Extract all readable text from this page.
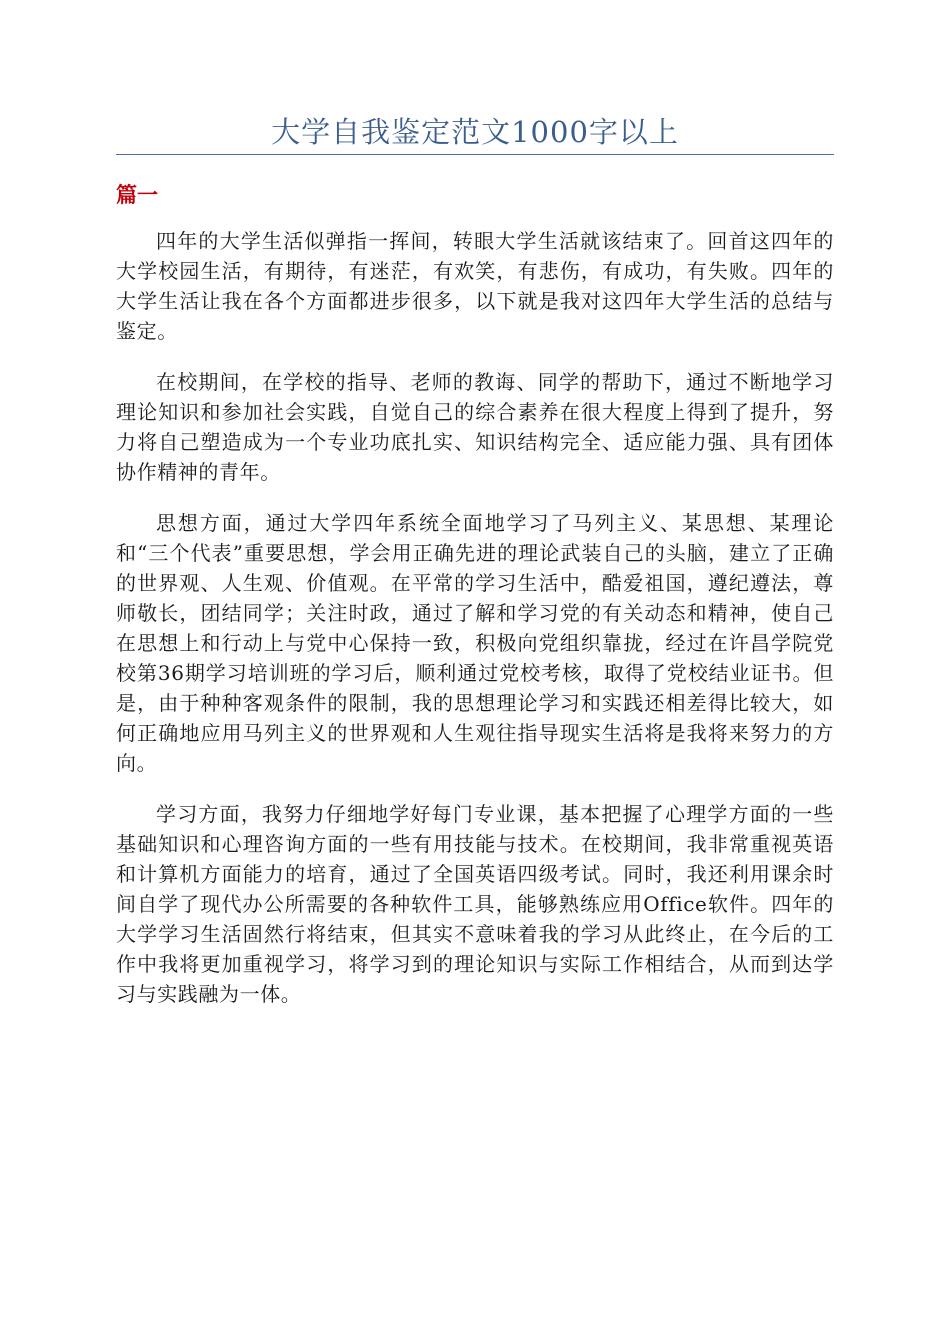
大学自我鉴定范文1000字以上
篇一

四年的大学生活似弹指一挥间，转眼大学生活就该结束了。回首这四年的大学校园生活，有期待，有迷茫，有欢笑，有悲伤，有成功，有失败。四年的大学生活让我在各个方面都进步很多，以下就是我对这四年大学生活的总结与鉴定。

在校期间，在学校的指导、老师的教诲、同学的帮助下，通过不断地学习理论知识和参加社会实践，自觉自己的综合素养在很大程度上得到了提升，努力将自己塑造成为一个专业功底扎实、知识结构完全、适应能力强、具有团体协作精神的青年。

思想方面，通过大学四年系统全面地学习了马列主义、某思想、某理论和“三个代表”重要思想，学会用正确先进的理论武装自己的头脑，建立了正确的世界观、人生观、价值观。在平常的学习生活中，酷爱祖国，遵纪遵法，尊师敬长，团结同学；关注时政，通过了解和学习党的有关动态和精神，使自己在思想上和行动上与党中心保持一致，积极向党组织靠拢，经过在许昌学院党校第36期学习培训班的学习后，顺利通过党校考核，取得了党校结业证书。但是，由于种种客观条件的限制，我的思想理论学习和实践还相差得比较大，如何正确地应用马列主义的世界观和人生观往指导现实生活将是我将来努力的方向。

学习方面，我努力仔细地学好每门专业课，基本把握了心理学方面的一些基础知识和心理咨询方面的一些有用技能与技术。在校期间，我非常重视英语和计算机方面能力的培育，通过了全国英语四级考试。同时，我还利用课余时间自学了现代办公所需要的各种软件工具，能够熟练应用Office软件。四年的大学学习生活固然行将结束，但其实不意味着我的学习从此终止，在今后的工作中我将更加重视学习，将学习到的理论知识与实际工作相结合，从而到达学习与实践融为一体。
